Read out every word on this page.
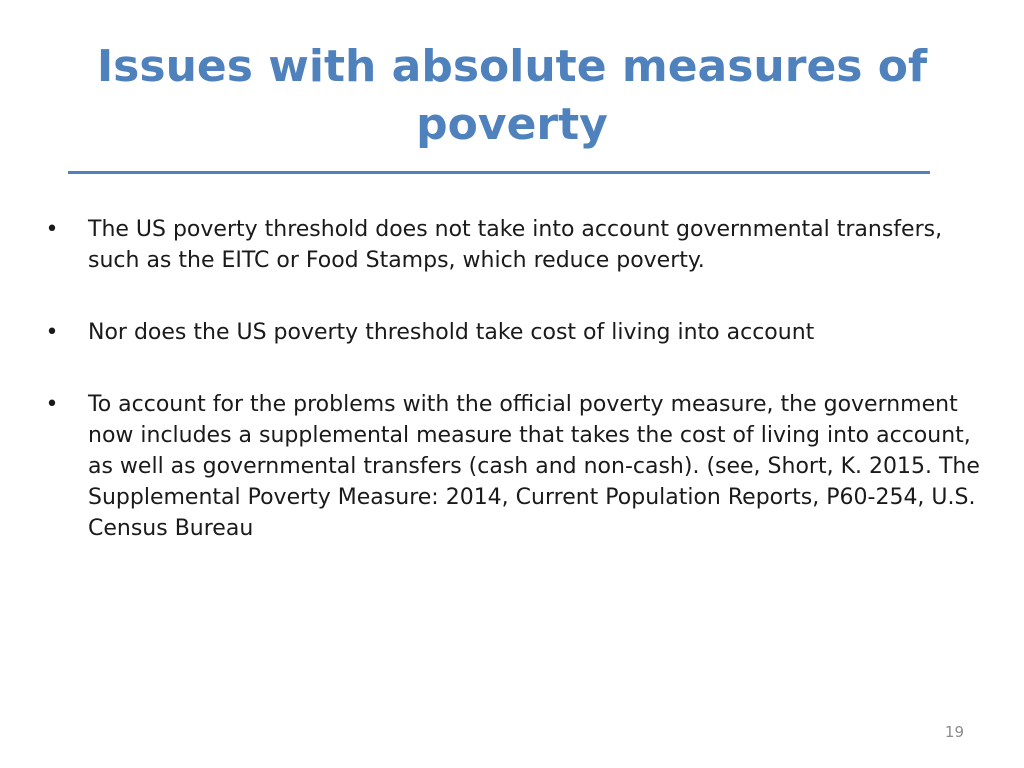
Issues with absolute measures of poverty
• The US poverty threshold does not take into account governmental transfers, such as the EITC or Food Stamps, which reduce poverty.
• Nor does the US poverty threshold take cost of living into account
• To account for the problems with the official poverty measure, the government now includes a supplemental measure that takes the cost of living into account, as well as governmental transfers (cash and non-cash). (see, Short, K. 2015. The Supplemental Poverty Measure: 2014, Current Population Reports, P60-254, U.S. Census Bureau
19
